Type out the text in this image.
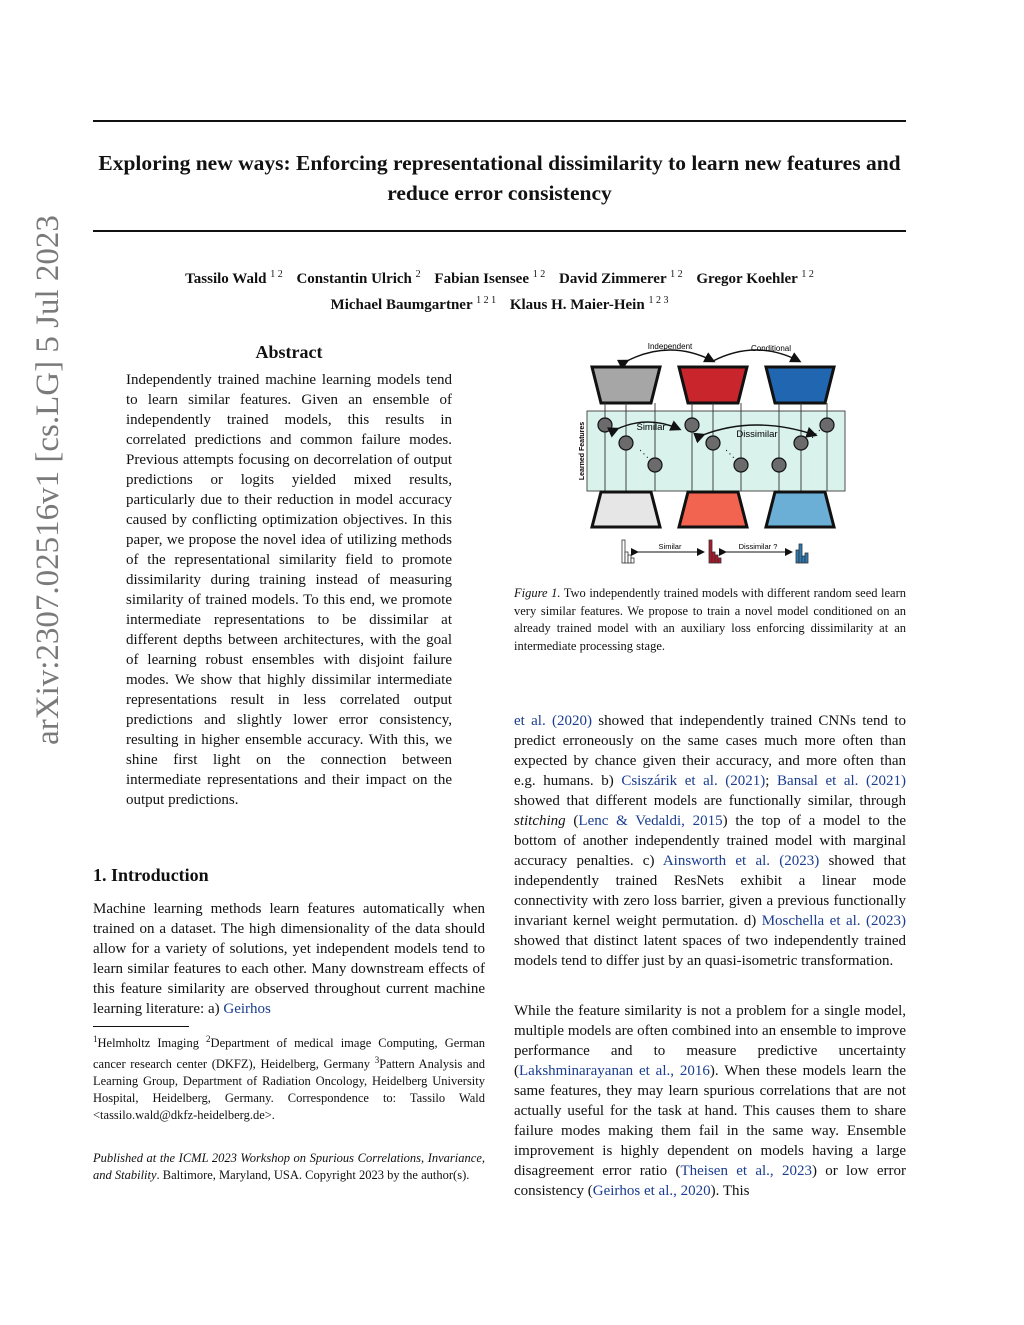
arXiv:2307.02516v1 [cs.LG] 5 Jul 2023
Exploring new ways: Enforcing representational dissimilarity to learn new features and reduce error consistency
Tassilo Wald $^{1 2}$ Constantin Ulrich $^2$ Fabian Isensee $^{1 2}$ David Zimmerer $^{1 2}$ Gregor Koehler $^{1 2}$
Michael Baumgartner $^{1 2 1}$ Klaus H. Maier-Hein $^{1 2 3}$
Abstract

Independently trained machine learning models tend to learn similar features. Given an ensemble of independently trained models, this results in correlated predictions and common failure modes. Previous attempts focusing on decorrelation of output predictions or logits yielded mixed results, particularly due to their reduction in model accuracy caused by conflicting optimization objectives. In this paper, we propose the novel idea of utilizing methods of the representational similarity field to promote dissimilarity during training instead of measuring similarity of trained models. To this end, we promote intermediate representations to be dissimilar at different depths between architectures, with the goal of learning robust ensembles with disjoint failure modes. We show that highly dissimilar intermediate representations result in less correlated output predictions and slightly lower error consistency, resulting in higher ensemble accuracy. With this, we shine first light on the connection between intermediate representations and their impact on the output predictions.

1. Introduction

Machine learning methods learn features automatically when trained on a dataset. The high dimensionality of the data should allow for a variety of solutions, yet independent models tend to learn similar features to each other. Many downstream effects of this feature similarity are observed throughout current machine learning literature: a) Geirhos

$^1$Helmholtz Imaging $^2$Department of medical image Computing, German cancer research center (DKFZ), Heidelberg, Germany $^3$Pattern Analysis and Learning Group, Department of Radiation Oncology, Heidelberg University Hospital, Heidelberg, Germany. Correspondence to: Tassilo Wald <tassilo.wald@dkfz-heidelberg.de>.

Published at the ICML 2023 Workshop on Spurious Correlations, Invariance, and Stability. Baltimore, Maryland, USA. Copyright 2023 by the author(s).

Independent	Conditional
Learned Features	⋱	⋱
⋰
Similar
Dissimilar
Similar	Dissimilar ?

Figure 1. Two independently trained models with different random seed learn very similar features. We propose to train a novel model conditioned on an already trained model with an auxiliary loss enforcing dissimilarity at an intermediate processing stage.

et al. (2020) showed that independently trained CNNs tend to predict erroneously on the same cases much more often than expected by chance given their accuracy, and more often than e.g. humans. b) Csiszárik et al. (2021); Bansal et al. (2021) showed that different models are functionally similar, through stitching (Lenc & Vedaldi, 2015) the top of a model to the bottom of another independently trained model with marginal accuracy penalties. c) Ainsworth et al. (2023) showed that independently trained ResNets exhibit a linear mode connectivity with zero loss barrier, given a previous functionally invariant kernel weight permutation. d) Moschella et al. (2023) showed that distinct latent spaces of two independently trained models tend to differ just by an quasi-isometric transformation.

While the feature similarity is not a problem for a single model, multiple models are often combined into an ensemble to improve performance and to measure predictive uncertainty (Lakshminarayanan et al., 2016). When these models learn the same features, they may learn spurious correlations that are not actually useful for the task at hand. This causes them to share failure modes making them fail in the same way. Ensemble improvement is highly dependent on models having a large disagreement error ratio (Theisen et al., 2023) or low error consistency (Geirhos et al., 2020). This
